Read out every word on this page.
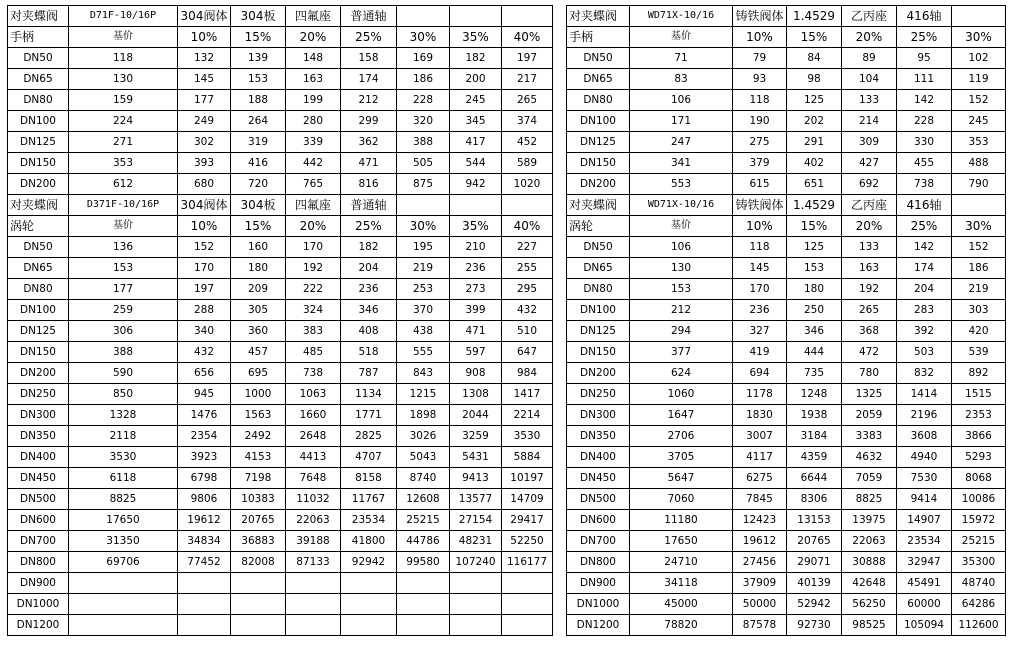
对夹蝶阀	D71F-10/16P	304阀体	304板	四氟座	普通轴			
手柄	基价	10%	15%	20%	25%	30%	35%	40%
DN50	118	132	139	148	158	169	182	197
DN65	130	145	153	163	174	186	200	217
DN80	159	177	188	199	212	228	245	265
DN100	224	249	264	280	299	320	345	374
DN125	271	302	319	339	362	388	417	452
DN150	353	393	416	442	471	505	544	589
DN200	612	680	720	765	816	875	942	1020
对夹蝶阀	D371F-10/16P	304阀体	304板	四氟座	普通轴			
涡轮	基价	10%	15%	20%	25%	30%	35%	40%
DN50	136	152	160	170	182	195	210	227
DN65	153	170	180	192	204	219	236	255
DN80	177	197	209	222	236	253	273	295
DN100	259	288	305	324	346	370	399	432
DN125	306	340	360	383	408	438	471	510
DN150	388	432	457	485	518	555	597	647
DN200	590	656	695	738	787	843	908	984
DN250	850	945	1000	1063	1134	1215	1308	1417
DN300	1328	1476	1563	1660	1771	1898	2044	2214
DN350	2118	2354	2492	2648	2825	3026	3259	3530
DN400	3530	3923	4153	4413	4707	5043	5431	5884
DN450	6118	6798	7198	7648	8158	8740	9413	10197
DN500	8825	9806	10383	11032	11767	12608	13577	14709
DN600	17650	19612	20765	22063	23534	25215	27154	29417
DN700	31350	34834	36883	39188	41800	44786	48231	52250
DN800	69706	77452	82008	87133	92942	99580	107240	116177
DN900								
DN1000								
DN1200								
对夹蝶阀	WD71X-10/16	铸铁阀体	1.4529	乙丙座	416轴	
手柄	基价	10%	15%	20%	25%	30%
DN50	71	79	84	89	95	102
DN65	83	93	98	104	111	119
DN80	106	118	125	133	142	152
DN100	171	190	202	214	228	245
DN125	247	275	291	309	330	353
DN150	341	379	402	427	455	488
DN200	553	615	651	692	738	790
对夹蝶阀	WD71X-10/16	铸铁阀体	1.4529	乙丙座	416轴	
涡轮	基价	10%	15%	20%	25%	30%
DN50	106	118	125	133	142	152
DN65	130	145	153	163	174	186
DN80	153	170	180	192	204	219
DN100	212	236	250	265	283	303
DN125	294	327	346	368	392	420
DN150	377	419	444	472	503	539
DN200	624	694	735	780	832	892
DN250	1060	1178	1248	1325	1414	1515
DN300	1647	1830	1938	2059	2196	2353
DN350	2706	3007	3184	3383	3608	3866
DN400	3705	4117	4359	4632	4940	5293
DN450	5647	6275	6644	7059	7530	8068
DN500	7060	7845	8306	8825	9414	10086
DN600	11180	12423	13153	13975	14907	15972
DN700	17650	19612	20765	22063	23534	25215
DN800	24710	27456	29071	30888	32947	35300
DN900	34118	37909	40139	42648	45491	48740
DN1000	45000	50000	52942	56250	60000	64286
DN1200	78820	87578	92730	98525	105094	112600
